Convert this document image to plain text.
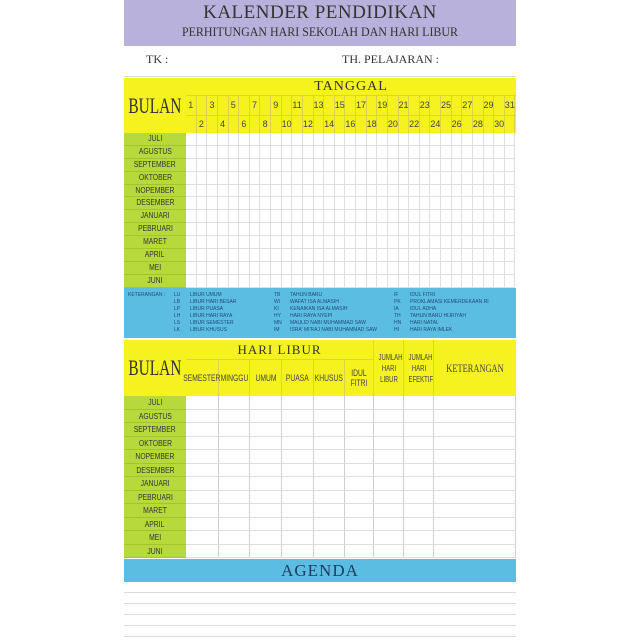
KALENDER PENDIDIKAN
PERHITUNGAN HARI SEKOLAH DAN HARI LIBUR
TK :	TH. PELAJARAN :
BULAN
TANGGAL
1	3	5	7	9	11 13 15 17 19 21 23 25 27 29 31
2	4	6	8	10 12 14 16 18 20 22 24 26 28 30
JULI
AGUSTUS
SEPTEMBER
OKTOBER
NOPEMBER
DESEMBER
JANUARI
PEBRUARI
MARET
APRIL
MEI
JUNI
KETERANGAN : LU LIBUR UMUM
LB LIBUR HARI BESAR
LP LIBUR PUASA
LH LIBUR HARI RAYA
LS LIBUR SEMESTER
LK LIBUR KHUSUS
TB TAHUN BARU
WI WAFAT ISA ALMASIH
KI KENAIKAN ISA ALMASIH
HY HARI RAYA NYEPI
MN MAULID NABI MUHAMMAD SAW
IM ISRA' MI'RAJ NABI MUHAMMAD SAW
IF IDUL FITRI
PK PROKLAMASI KEMERDEKAAN RI
IA IDUL ADHA
TH TAHUN BARU HIJRIYAH
HN HARI NATAL
HI HARI RAYA IMLEK
BULAN
HARI LIBUR
SEMESTER MINGGU UMUM PUASA KHUSUS IDUL FITRI
JUMLAH HARI LIBUR
JUMLAH HARI EFEKTIF
KETERANGAN
JULI
AGUSTUS
SEPTEMBER
OKTOBER
NOPEMBER
DESEMBER
JANUARI
PEBRUARI
MARET
APRIL
MEI
JUNI
AGENDA
